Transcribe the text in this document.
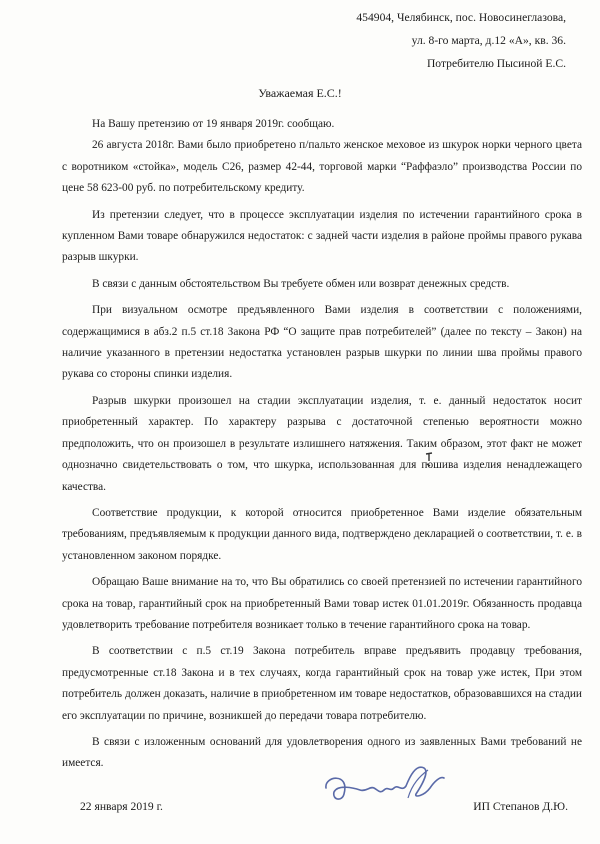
454904, Челябинск, пос. Новосинеглазова,
ул. 8-го марта, д.12 «А», кв. 36.
Потребителю Пысиной Е.С.
Уважаемая Е.С.!

На Вашу претензию от 19 января 2019г. сообщаю.

26 августа 2018г. Вами было приобретено п/пальто женское меховое из шкурок норки черного цвета с воротником «стойка», модель С26, размер 42-44, торговой марки “Раффаэло” производства России по цене 58 623-00 руб. по потребительскому кредиту.

Из претензии следует, что в процессе эксплуатации изделия по истечении гарантийного срока в купленном Вами товаре обнаружился недостаток: с задней части изделия в районе проймы правого рукава разрыв шкурки.

В связи с данным обстоятельством Вы требуете обмен или возврат денежных средств.

При визуальном осмотре предъявленного Вами изделия в соответствии с положениями, содержащимися в абз.2 п.5 ст.18 Закона РФ “О защите прав потребителей” (далее по тексту – Закон) на наличие указанного в претензии недостатка установлен разрыв шкурки по линии шва проймы правого рукава со стороны спинки изделия.

Разрыв шкурки произошел на стадии эксплуатации изделия, т. е. данный недостаток носит приобретенный характер. По характеру разрыва с достаточной степенью вероятности можно предположить, что он произошел в результате излишнего натяжения. Таким образом, этот факт не может однозначно свидетельствовать о том, что шкурка, использованная для пошива изделия ненадлежащего качества.

Соответствие продукции, к которой относится приобретенное Вами изделие обязательным требованиям, предъявляемым к продукции данного вида, подтверждено декларацией о соответствии, т. е. в установленном законом порядке.

Обращаю Ваше внимание на то, что Вы обратились со своей претензией по истечении гарантийного срока на товар, гарантийный срок на приобретенный Вами товар истек 01.01.2019г. Обязанность продавца удовлетворить требование потребителя возникает только в течение гарантийного срока на товар.

В соответствии с п.5 ст.19 Закона потребитель вправе предъявить продавцу требования, предусмотренные ст.18 Закона и в тех случаях, когда гарантийный срок на товар уже истек, При этом потребитель должен доказать, наличие в приобретенном им товаре недостатков, образовавшихся на стадии его эксплуатации по причине, возникшей до передачи товара потребителю.

В связи с изложенным оснований для удовлетворения одного из заявленных Вами требований не имеется.

22 января 2019 г.	ИП Степанов Д.Ю.
